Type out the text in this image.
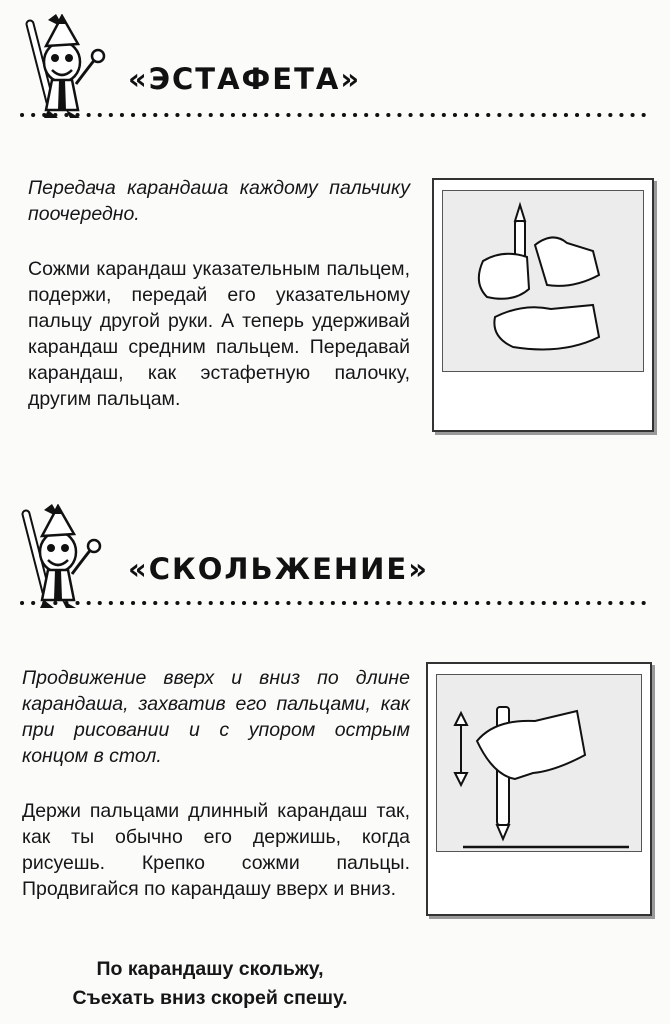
«ЭСТАФЕТА»

Передача карандаша каждому пальчику поочередно.

Сожми карандаш указательным пальцем, подержи, передай его указательному пальцу другой руки. А теперь удерживай карандаш средним пальцем. Передавай карандаш, как эстафетную палочку, другим пальцам.

«СКОЛЬЖЕНИЕ»

Продвижение вверх и вниз по длине карандаша, захватив его пальцами, как при рисовании и с упором острым концом в стол.

Держи пальцами длинный карандаш так, как ты обычно его держишь, когда рисуешь. Крепко сожми пальцы. Продвигайся по карандашу вверх и вниз.

По карандашу скольжу,
Съехать вниз скорей спешу.
